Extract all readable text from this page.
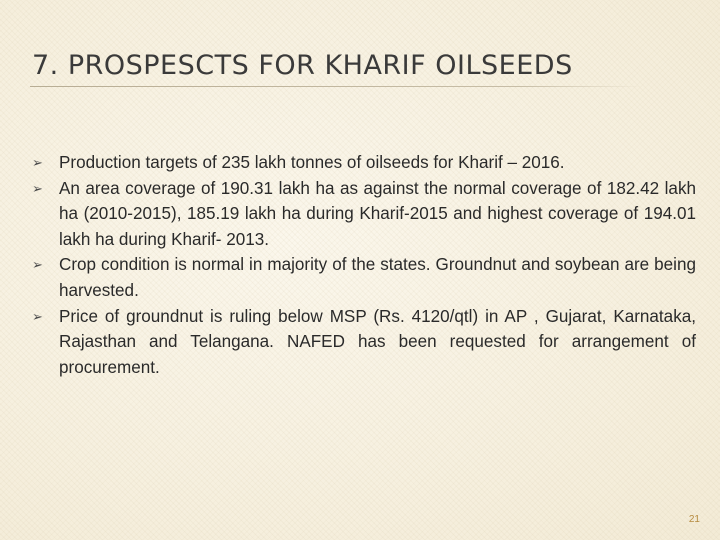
7. PROSPESCTS FOR KHARIF OILSEEDS
➢ Production targets of 235 lakh tonnes of oilseeds for Kharif – 2016.
➢ An area coverage of 190.31 lakh ha as against the normal coverage of 182.42 lakh ha (2010-2015), 185.19 lakh ha during Kharif-2015 and highest coverage of 194.01 lakh ha during Kharif- 2013.
➢ Crop condition is normal in majority of the states. Groundnut and soybean are being harvested.
➢ Price of groundnut is ruling below MSP (Rs. 4120/qtl) in AP , Gujarat, Karnataka, Rajasthan and Telangana. NAFED has been requested for arrangement of procurement.
21
